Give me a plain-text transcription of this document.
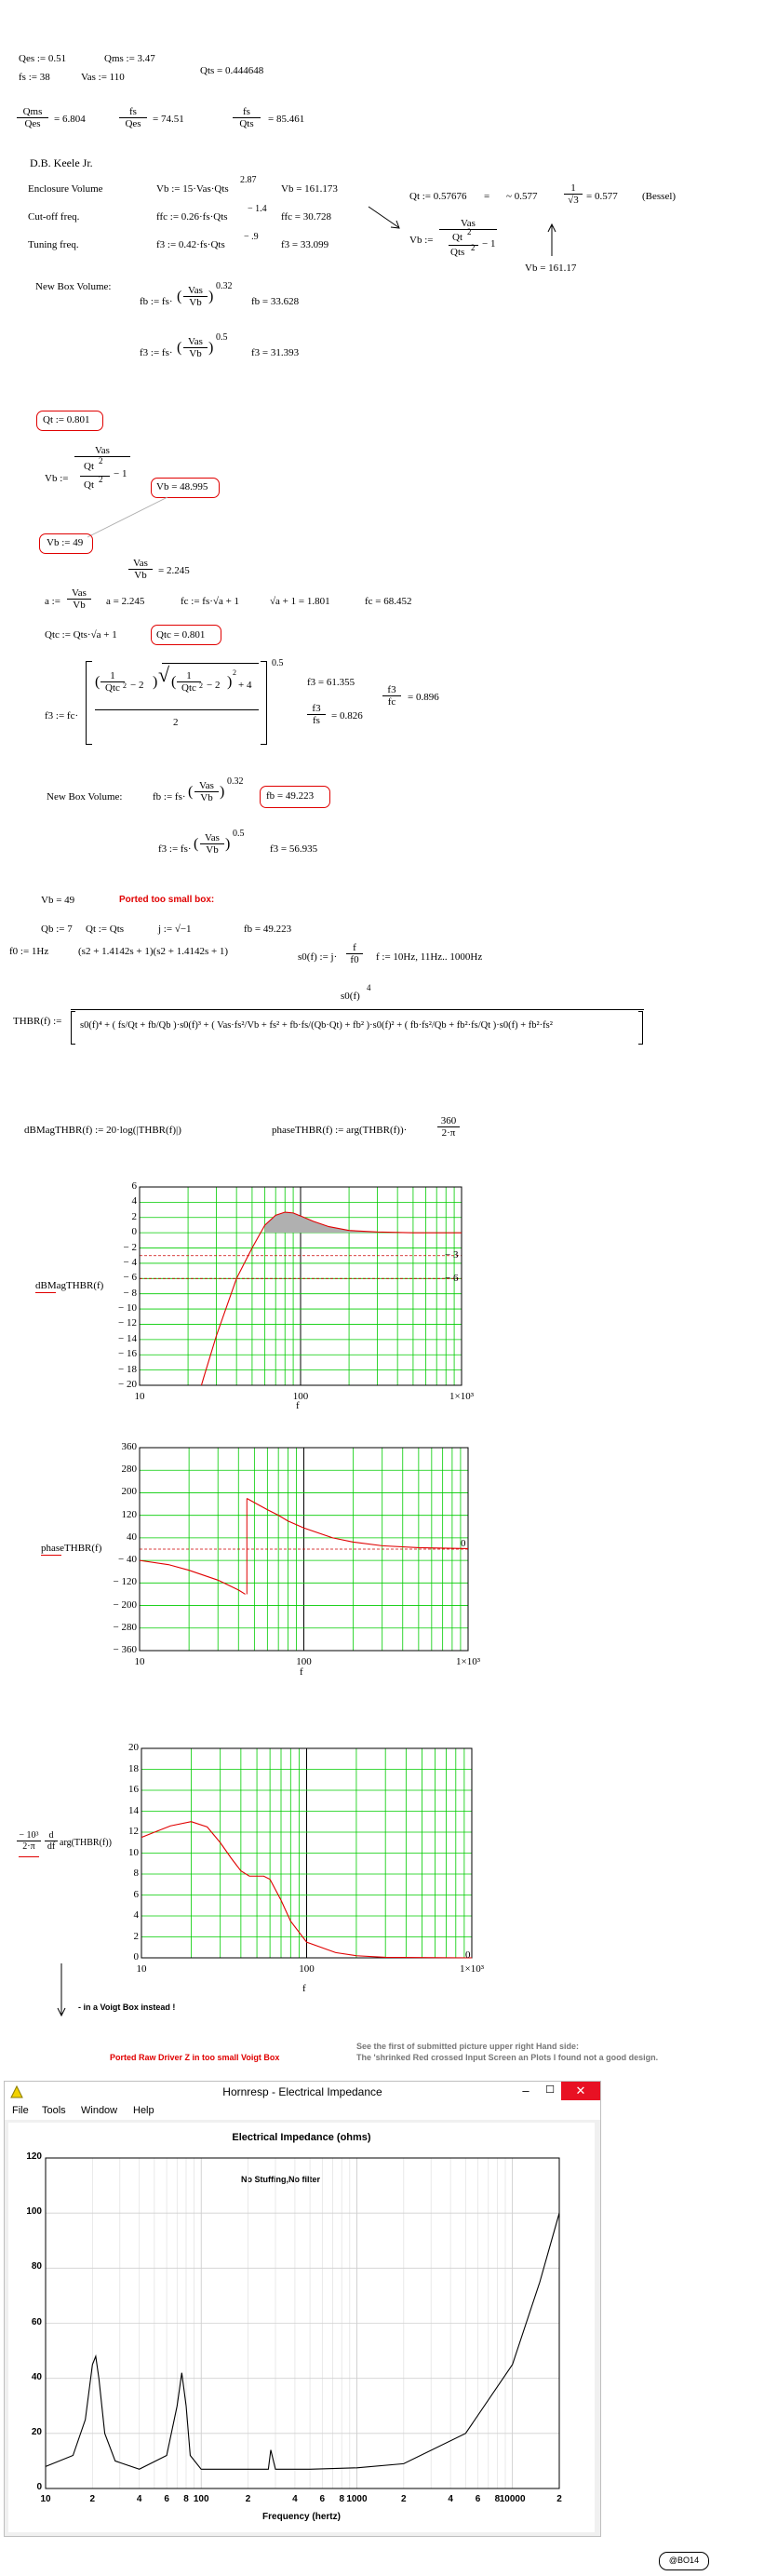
Qes := 0.51	Qms := 3.47
fs := 38	Vas := 110
Qts = 0.444648
Qms
Qes	= 6.804
fs
Qes	= 74.51
fs
Qts	= 85.461
D.B. Keele Jr.
Enclosure Volume	Vb := 15·Vas·Qts
2.87
Vb = 161.173
Cut-off freq.	ffc := 0.26·fs·Qts
− 1.4
ffc = 30.728
Tuning freq.	f3 := 0.42·fs·Qts
− .9
f3 = 33.099
Qt := 0.57676 = ~ 0.577	$\frac{1}{√3} = 0.577$ (Bessel)
Vb :=
Vas
Qt 2
Qts 2 − 1
Vb = 161.17
New Box Volume:
fb := fs· ( Vas
Vb )
0.32
fb = 33.628
f3 := fs· ( Vas
Vb )
0.5
f3 = 31.393
Qt := 0.801
Vb :=
Vas
Qt 2
Qt 2 − 1
Vb = 48.995
Vb := 49
Vas
Vb	= 2.245
a :=
Vas
Vb	a = 2.245	fc := fs·√a + 1	√a + 1 = 1.801	fc = 68.452
Qtc := Qts·√a + 1	Qtc = 0.801
f3 := fc·
( 1
Qtc 2 − 2 ) √ ( 1
Qtc 2 − 2 )
2
+ 4
2
0.5
f3 = 61.355
$\frac{f3}{fc} = 0.896$
$\frac{f3}{fs} = 0.826$
New Box Volume:	fb := fs· ( Vas
Vb )
0.32
fb = 49.223
f3 := fs· ( Vas
Vb )
0.5
f3 = 56.935
Vb = 49	Ported too small box:
Qb := 7 Qt := Qts	j := √−1	fb = 49.223
f0 := 1Hz	(s2 + 1.4142s + 1)(s2 + 1.4142s + 1)	s0(f) := $j\cdot \frac{f}{f0}$ f := 10Hz, 11Hz.. 1000Hz
THBR(f) :=
s0(f)
4
s0(f)⁴ + ( fs/Qt + fb/Qb )·s0(f)³ + ( Vas·fs²/Vb + fs² + fb·fs/(Qb·Qt) + fb² )·s0(f)² + ( fb·fs²/Qb + fb²·fs/Qt )·s0(f) + fb²·fs²
dBMagTHBR(f) := 20·log(|THBR(f)|)	phaseTHBR(f) := arg(THBR(f))·	$\frac{360}{2\cdot\pi}$
dBMagTHBR(f)
6
4
2
0
− 2
− 4
− 6
− 8
− 10
− 12
− 14
− 16
− 18
− 20
10	100	1×10³
f
− 3
− 6
phaseTHBR(f)
360
280
200
120
40
− 40
− 120
− 200
− 280
− 360
10	100	1×10³
f
0
$\frac{\text{− 10³}}{2\cdot\pi} \frac{d}{df}$ arg(THBR(f))
20
18
16
14
12
10
8
6
4
2
0
10	100	1×10³
f
0
- in a Voigt Box instead !
Ported Raw Driver Z in too small Voigt Box
See the first of submitted picture upper right Hand side:
The 'shrinked Red crossed Input Screen an Plots I found not a good design.
Hornresp - Electrical Impedance	–	☐	✕
File Tools Window Help
Electrical Impedance (ohms)
No Stuffing,No filter
120
100
80
60
40
20
0
10	2	4	6	8 100	2	4	6	8 1000	2	4	6	8 10000	2
Frequency (hertz)
@BO14
